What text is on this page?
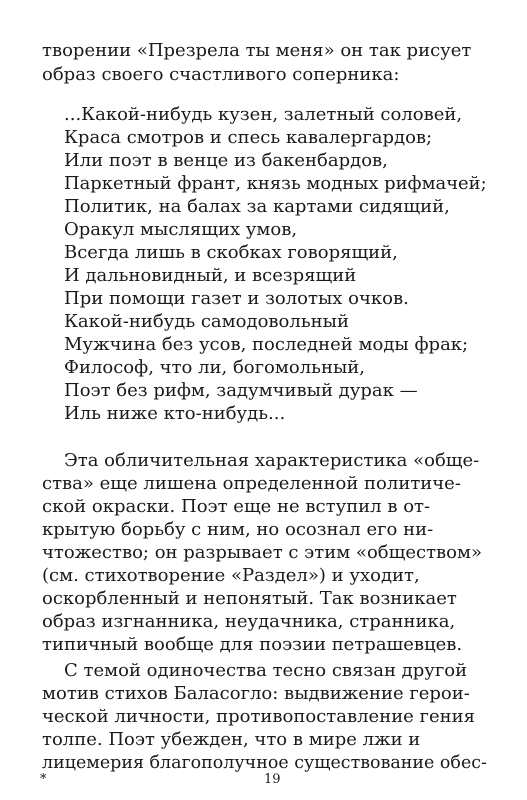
творении «Презрела ты меня» он так рисует
образ своего счастливого соперника:
...Какой-нибудь кузен, залетный соловей,
Краса смотров и спесь кавалергардов;
Или поэт в венце из бакенбардов,
Паркетный франт, князь модных рифмачей;
Политик, на балах за картами сидящий,
Оракул мыслящих умов,
Всегда лишь в скобках говорящий,
И дальновидный, и всезрящий
При помощи газет и золотых очков.
Какой-нибудь самодовольный
Мужчина без усов, последней моды фрак;
Философ, что ли, богомольный,
Поэт без рифм, задумчивый дурак —
Иль ниже кто-нибудь...
Эта обличительная характеристика «обще-
ства» еще лишена определенной политиче-
ской окраски. Поэт еще не вступил в от-
крытую борьбу с ним, но осознал его ни-
чтожество; он разрывает с этим «обществом»
(см. стихотворение «Раздел») и уходит,
оскорбленный и непонятый. Так возникает
образ изгнанника, неудачника, странника,
типичный вообще для поэзии петрашевцев.
С темой одиночества тесно связан другой
мотив стихов Баласогло: выдвижение герои-
ческой личности, противопоставление гения
толпе. Поэт убежден, что в мире лжи и
лицемерия благополучное существование обес-
*	19
